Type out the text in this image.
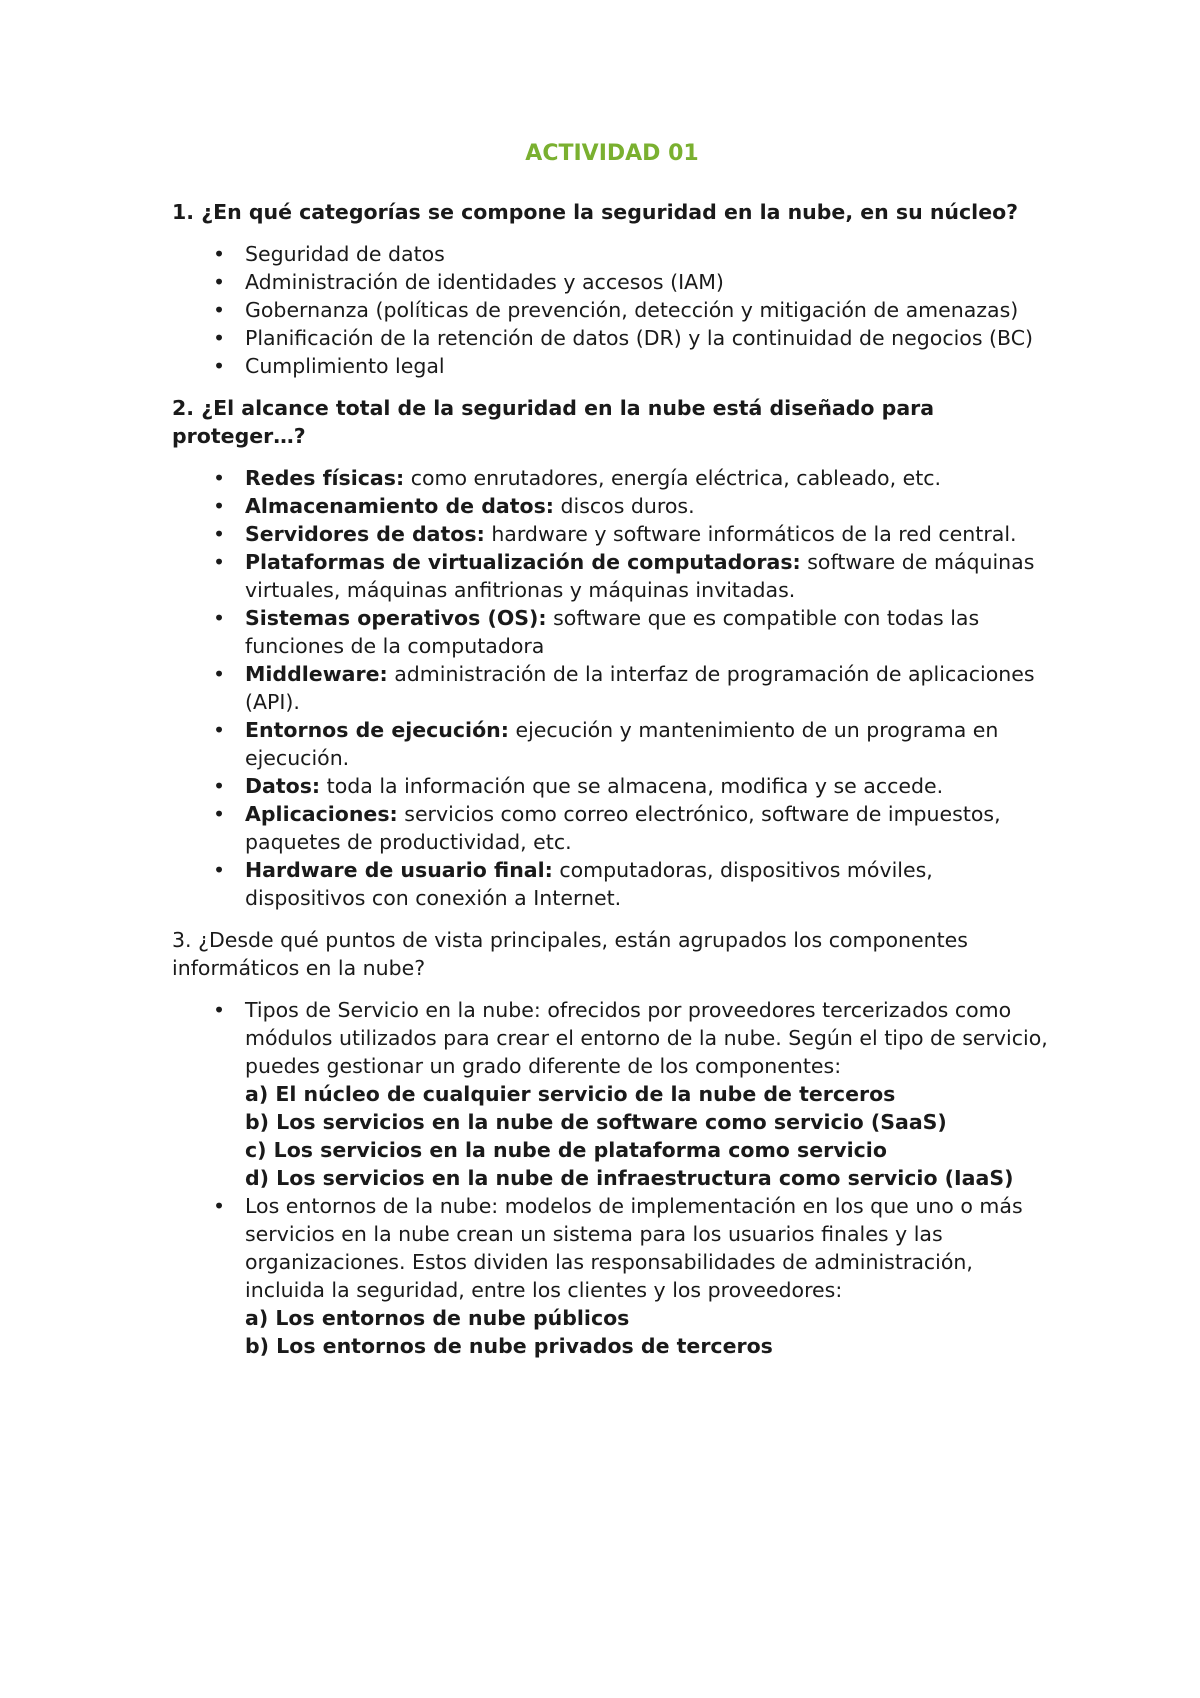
ACTIVIDAD 01
1. ¿En qué categorías se compone la seguridad en la nube, en su núcleo?
• Seguridad de datos
• Administración de identidades y accesos (IAM)
• Gobernanza (políticas de prevención, detección y mitigación de amenazas)
• Planificación de la retención de datos (DR) y la continuidad de negocios (BC)
• Cumplimiento legal
2. ¿El alcance total de la seguridad en la nube está diseñado para proteger…?
• Redes físicas: como enrutadores, energía eléctrica, cableado, etc.
• Almacenamiento de datos: discos duros.
• Servidores de datos: hardware y software informáticos de la red central.
• Plataformas de virtualización de computadoras: software de máquinas virtuales, máquinas anfitrionas y máquinas invitadas.
• Sistemas operativos (OS): software que es compatible con todas las funciones de la computadora
• Middleware: administración de la interfaz de programación de aplicaciones (API).
• Entornos de ejecución: ejecución y mantenimiento de un programa en ejecución.
• Datos: toda la información que se almacena, modifica y se accede.
• Aplicaciones: servicios como correo electrónico, software de impuestos, paquetes de productividad, etc.
• Hardware de usuario final: computadoras, dispositivos móviles, dispositivos con conexión a Internet.
3. ¿Desde qué puntos de vista principales, están agrupados los componentes informáticos en la nube?
• Tipos de Servicio en la nube: ofrecidos por proveedores tercerizados como módulos utilizados para crear el entorno de la nube. Según el tipo de servicio, puedes gestionar un grado diferente de los componentes:
a) El núcleo de cualquier servicio de la nube de terceros
b) Los servicios en la nube de software como servicio (SaaS)
c) Los servicios en la nube de plataforma como servicio
d) Los servicios en la nube de infraestructura como servicio (IaaS)
• Los entornos de la nube: modelos de implementación en los que uno o más servicios en la nube crean un sistema para los usuarios finales y las organizaciones. Estos dividen las responsabilidades de administración, incluida la seguridad, entre los clientes y los proveedores:
a) Los entornos de nube públicos
b) Los entornos de nube privados de terceros
